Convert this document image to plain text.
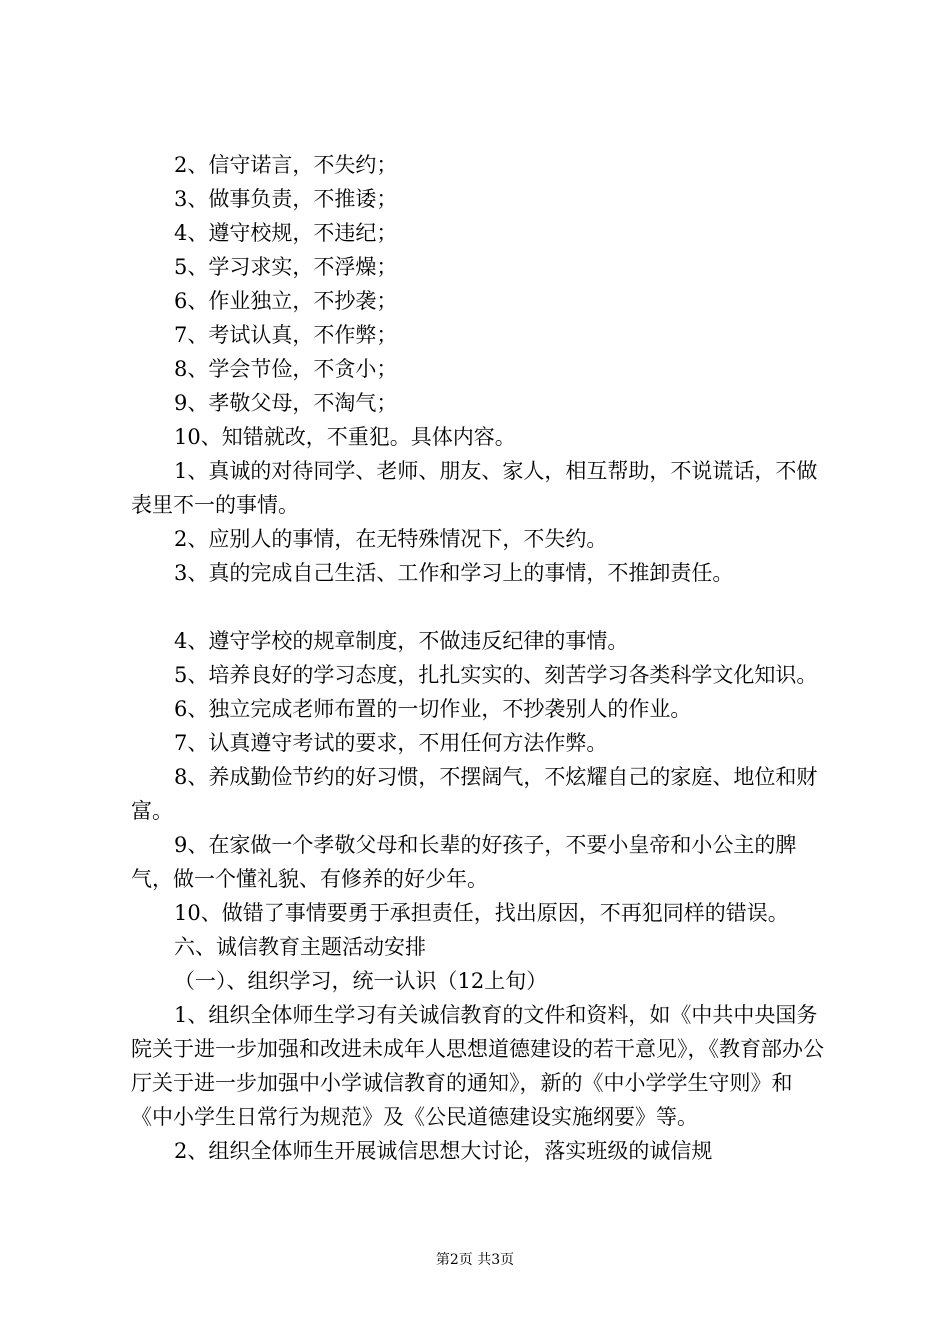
2、信守诺言，不失约；

3、做事负责，不推诿；

4、遵守校规，不违纪；

5、学习求实，不浮燥；

6、作业独立，不抄袭；

7、考试认真，不作弊；

8、学会节俭，不贪小；

9、孝敬父母，不淘气；

10、知错就改，不重犯。具体内容。

1、真诚的对待同学、老师、朋友、家人，相互帮助，不说谎话，不做表里不一的事情。

2、应别人的事情，在无特殊情况下，不失约。

3、真的完成自己生活、工作和学习上的事情，不推卸责任。

4、遵守学校的规章制度，不做违反纪律的事情。

5、培养良好的学习态度，扎扎实实的、刻苦学习各类科学文化知识。

6、独立完成老师布置的一切作业，不抄袭别人的作业。

7、认真遵守考试的要求，不用任何方法作弊。

8、养成勤俭节约的好习惯，不摆阔气，不炫耀自己的家庭、地位和财富。

9、在家做一个孝敬父母和长辈的好孩子，不要小皇帝和小公主的脾气，做一个懂礼貌、有修养的好少年。

10、做错了事情要勇于承担责任，找出原因，不再犯同样的错误。

六、诚信教育主题活动安排

（一）、组织学习，统一认识（12上旬）

1、组织全体师生学习有关诚信教育的文件和资料，如《中共中央国务院关于进一步加强和改进未成年人思想道德建设的若干意见》，《教育部办公厅关于进一步加强中小学诚信教育的通知》，新的《中小学学生守则》和《中小学生日常行为规范》及《公民道德建设实施纲要》等。

2、组织全体师生开展诚信思想大讨论，落实班级的诚信规

第2页 共3页
